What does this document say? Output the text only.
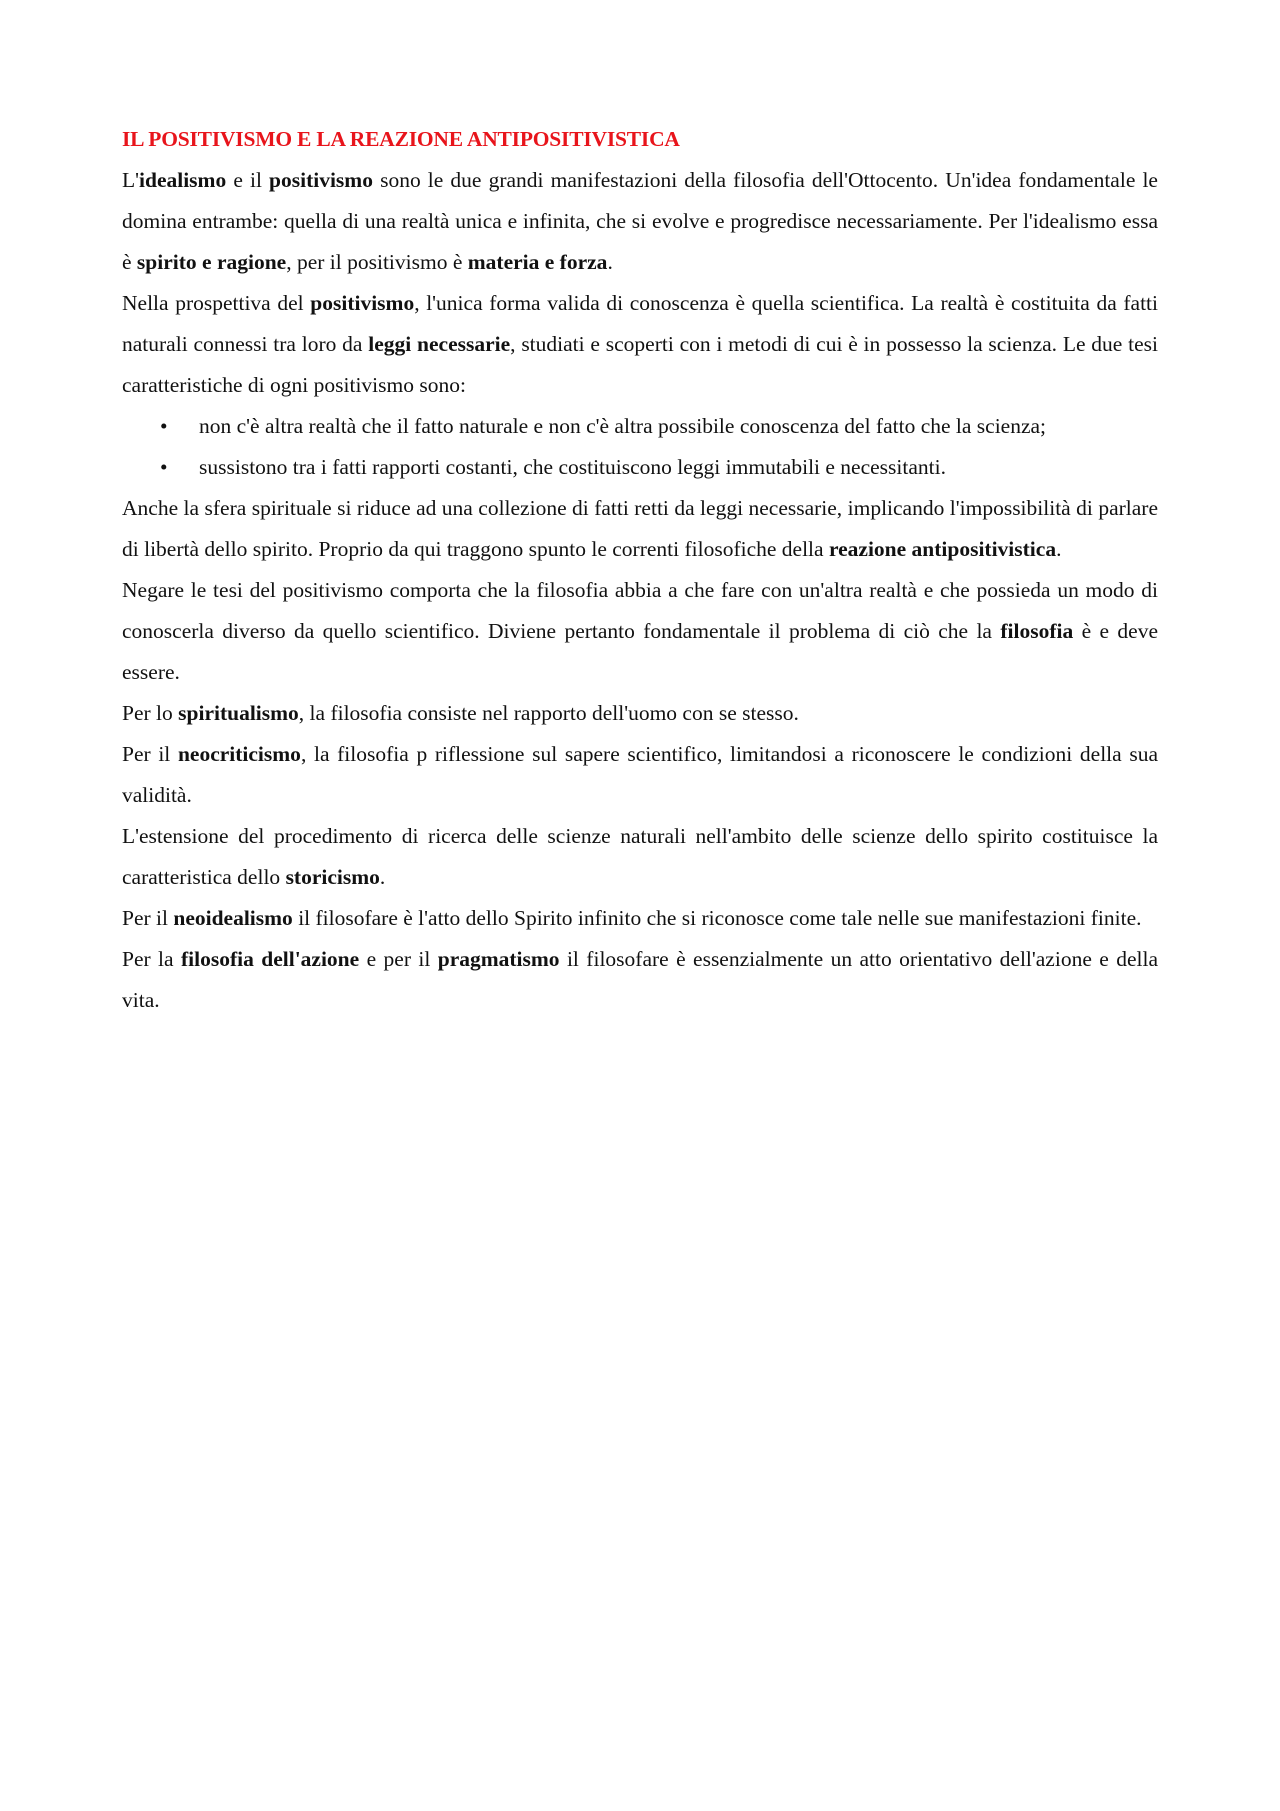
IL POSITIVISMO E LA REAZIONE ANTIPOSITIVISTICA

L'idealismo e il positivismo sono le due grandi manifestazioni della filosofia dell'Ottocento. Un'idea fondamentale le domina entrambe: quella di una realtà unica e infinita, che si evolve e progredisce necessariamente. Per l'idealismo essa è spirito e ragione, per il positivismo è materia e forza.

Nella prospettiva del positivismo, l'unica forma valida di conoscenza è quella scientifica. La realtà è costituita da fatti naturali connessi tra loro da leggi necessarie, studiati e scoperti con i metodi di cui è in possesso la scienza. Le due tesi caratteristiche di ogni positivismo sono:

• non c'è altra realtà che il fatto naturale e non c'è altra possibile conoscenza del fatto che la scienza;
• sussistono tra i fatti rapporti costanti, che costituiscono leggi immutabili e necessitanti.

Anche la sfera spirituale si riduce ad una collezione di fatti retti da leggi necessarie, implicando l'impossibilità di parlare di libertà dello spirito. Proprio da qui traggono spunto le correnti filosofiche della reazione antipositivistica.

Negare le tesi del positivismo comporta che la filosofia abbia a che fare con un'altra realtà e che possieda un modo di conoscerla diverso da quello scientifico. Diviene pertanto fondamentale il problema di ciò che la filosofia è e deve essere.

Per lo spiritualismo, la filosofia consiste nel rapporto dell'uomo con se stesso.

Per il neocriticismo, la filosofia p riflessione sul sapere scientifico, limitandosi a riconoscere le condizioni della sua validità.

L'estensione del procedimento di ricerca delle scienze naturali nell'ambito delle scienze dello spirito costituisce la caratteristica dello storicismo.

Per il neoidealismo il filosofare è l'atto dello Spirito infinito che si riconosce come tale nelle sue manifestazioni finite.

Per la filosofia dell'azione e per il pragmatismo il filosofare è essenzialmente un atto orientativo dell'azione e della vita.
